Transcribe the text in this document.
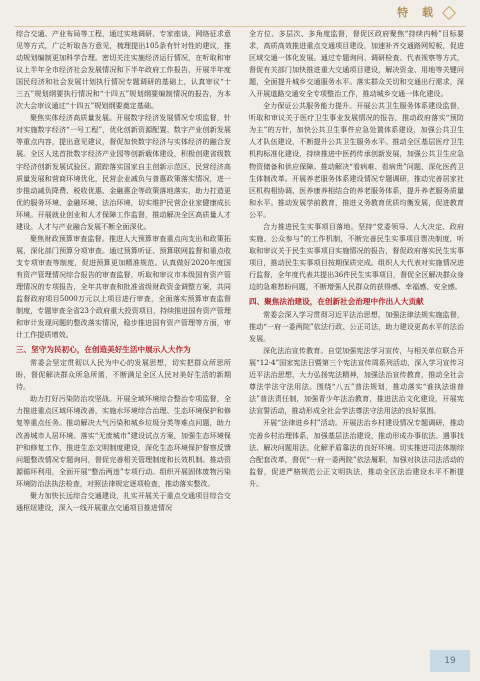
特 载

综合交通、产业布局等工程，通过实地调研、专家座谈、网络征求意见等方式，广泛听取各方意见，梳理提出105条有针对性的建议，推动规划编制更加科学合理。密切关注实施经济运行情况，在听取和审议上半年全市经济社会发展情况和下半年政府工作报告，开展半年度国民经济和社会发展计划执行情况专题调研的基础上，认真审议“十三五”规划纲要执行情况和“十四五”规划纲要编制情况的报告，为本次大会审议通过“十四五”规划纲要奠定基础。

聚焦实体经济高质量发展。开展数字经济发展情况专项监督，针对实施数字经济“一号工程”，优化创新资源配置、数字产业创新发展等重点内容，提出意见建议，督促加快数字经济与实体经济的融合发展。全区人选首批数字经济产业园等创新载体建设，积极创建省级数字经济创新发展试验区。跟踪落实国家自主创新示范区，民营经济高质量发展和营商环境优化，民营企业减负与普惠政策落实情况，进一步推动减负降费、税收优惠、金融惠企等政策落地落实，助力打造更优的服务环境、金融环境、法治环境，切实维护民营企业家健康成长环境。开展就业创业和人才保障工作监督，推动解决全区高质量人才建设。人才与产业融合发展不断全面深化。

聚焦财政预算审查监督。推进人大预算审查重点向支出和政策拓展，深化部门预算分项审查。通过预算听证、预算联网监督和重点收支专项审查等制度，促进预算更加精准规范。认真做好2020年度国有资产管理情况综合报告的审查监督，听取和审议市本级国有资产管理情况的专项报告，全年共审查和批准省级财政资金调整方案，共同监督政府项目5000万元以上项目进行审查，全面落实预算审查监督制度，专题审查全省23个政府重大投资项目，持续推进国有资产管理和审计发现问题的整改落实情况，稳步推进国有资产管理等方面，审计工作提质增效。

三、坚守为民初心，在创造美好生活中展示人大作为

常委会坚定贯彻以人民为中心的发展思想，切实把群众所思所盼，督促解决群众所急所需，不断满足全区人民对美好生活的新期待。

助力打好污染防治攻坚战。开展全域环境综合整治专项监督，全力推进重点区域环境改善，实施水环境综合治理、生态环境保护和修复等重点任务。推动解决大气污染和城乡垃圾分类等难点问题，助力改善城市人居环境。落实“无废城市”建设试点方案，加强生态环境保护和修复工作，推进生态文明制度建设，深化生态环境保护督察反馈问题整改情况专题询问，督促完善相关管理制度和长效机制。推动资源循环利用，全面开展“整治两违”专项行动。组织开展固体废物污染环境防治法执法检查，对照法律规定逐项检查，推动落实整改。

聚力加快长远综合交通建设，扎实开展关于重点交通项目综合交通枢纽建设，深入一线开展重点交通项目推进情况

全方位、多层次、多角度监督，督促区政府聚焦“持续内畅”目标要求，高质高效推进重点交通项目建设，加速补齐交通路网短板，促进区域交通一体化发展。通过专题询问、调研检查、代表视察等方式，督促有关部门加快推进重大交通项目建设，解决资金、用地等关键问题，全面提升城乡交通服务水平。落实群众关切和交通出行需求，深入开展道路交通安全专项整治工作，推动城乡交通一体化建设。

全力保证公共服务能力提升。开展公共卫生服务体系建设监督，听取和审议关于医疗卫生事业发展情况的报告，推动政府落实“预防为主”的方针，加快公共卫生事件应急处置体系建设，加强公共卫生人才队伍建设，不断提升公共卫生服务水平。推动全区基层医疗卫生机构标准化建设，持续推进中医药传承创新发展，加强公共卫生应急物资储备和供应保障。推动解决“看病难、看病贵”问题，深化医药卫生体制改革。开展养老服务体系建设情况专题调研，推动完善居家社区机构相协调、医养康养相结合的养老服务体系，提升养老服务质量和水平。推动发展学前教育，推进义务教育优质均衡发展，促进教育公平。

合力推进民生实事项目落地。坚持“党委领导、人大决定、政府实施、公众参与”的工作机制，不断完善民生实事项目票决制度，听取和审议关于民生实事项目实施情况的报告，督促政府落实民生实事项目，推动民生实事项目按期保质完成。组织人大代表对实施情况进行监督，全年度代表共提出36件民生实事项目，督促全区解决群众身边的急难愁盼问题，不断增强人民群众的获得感、幸福感、安全感。

四、聚焦法治建设，在创新社会治理中作出人大贡献

常委会深入学习贯彻习近平法治思想，加强法律法规实施监督，推动“一府一委两院”依法行政、公正司法，助力建设更高水平的法治发展。

深化法治宣传教育。自觉加强宪法学习宣传，与相关单位联合开展“12·4”国家宪法日暨第三个宪法宣传周系列活动，深入学习宣传习近平法治思想，大力弘扬宪法精神，加强法治宣传教育，推动全社会尊法学法守法用法。围绕“八五”普法规划，推动落实“谁执法谁普法”普法责任制，加强青少年法治教育，推进法治文化建设，开展宪法宣誓活动，推动形成全社会学法尊法守法用法的良好氛围。

开展“法律进乡村”活动。开展法治乡村建设情况专题调研，推动完善乡村治理体系，加强基层法治建设，推动形成办事依法、遇事找法、解决问题用法、化解矛盾靠法的良好环境。切实推进司法体制综合配套改革，督促“一府一委两院”依法履职，加强对执法司法活动的监督，促进严格规范公正文明执法，推动全区法治建设水平不断提升。

19
